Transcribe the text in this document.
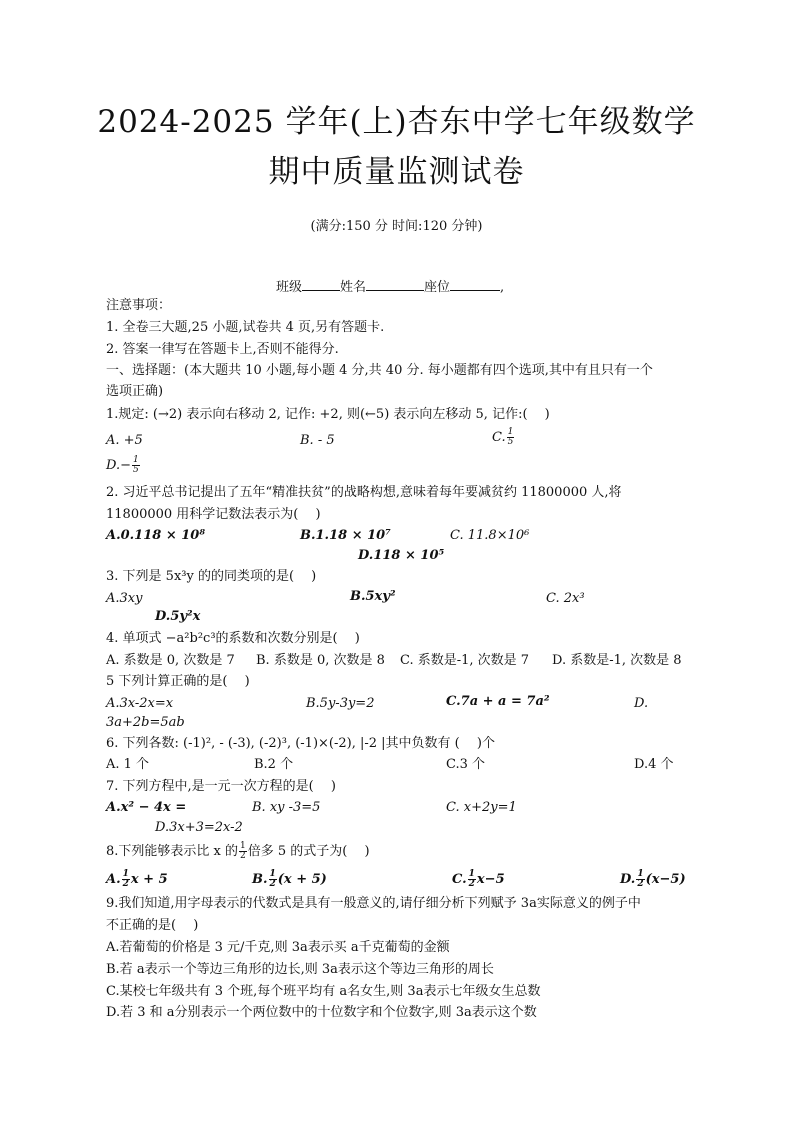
2024-2025 学年(上)杏东中学七年级数学
期中质量监测试卷
(满分:150 分 时间:120 分钟)
班级	姓名	座位	,
注意事项：
1. 全卷三大题,25 小题,试卷共 4 页,另有答题卡.
2. 答案一律写在答题卡上,否则不能得分.
一、选择题：(本大题共 10 小题,每小题 4 分,共 40 分. 每小题都有四个选项,其中有且只有一个
选项正确)
1.规定: (→2) 表示向右移动 2, 记作: +2, 则(←5) 表示向左移动 5, 记作:(　 )
A. +5	B. - 5	C. $\frac{1}{5}$
$D.- \frac{1}{5}$
2. 习近平总书记提出了五年“精准扶贫”的战略构想,意味着每年要减贫约 11800000 人,将
11800000 用科学记数法表示为(　 )
A.0.118 × 10⁸	B.1.18 × 10⁷	C. 11.8×10⁶
D.118 × 10⁵
3. 下列是 5x³y 的的同类项的是(　 )
A.3xy	B.5xy²	C. 2x³
D.5y²x
4. 单项式 −a²b²c³的系数和次数分别是(　 )
A. 系数是 0, 次数是 7 B. 系数是 0, 次数是 8 C. 系数是-1, 次数是 7 D. 系数是-1, 次数是 8
5 下列计算正确的是(　 )
A.3x-2x=x	B.5y-3y=2	C.7a + a = 7a²	D.
3a+2b=5ab
6. 下列各数: (-1)², - (-3), (-2)³, (-1)×(-2), |-2 |其中负数有 (　 )个
A. 1 个	B.2 个	C.3 个	D.4 个
7. 下列方程中,是一元一次方程的是(　 )
A.x² − 4x =	B. xy -3=5	C. x+2y=1
D.3x+3=2x-2
8.下列能够表示比 x 的 $\frac{1}{2}$ 倍多 5 的式子为(　 )
A. $\frac{1}{2}$ x + 5	B. $\frac{1}{2} (x + 5)$	C. $\frac{1}{2} x-5$	D. $\frac{1}{2} (x-5)$
9.我们知道,用字母表示的代数式是具有一般意义的,请仔细分析下列赋予 3a实际意义的例子中
不正确的是(　 )
A.若葡萄的价格是 3 元/千克,则 3a表示买 a千克葡萄的金额
B.若 a表示一个等边三角形的边长,则 3a表示这个等边三角形的周长
C.某校七年级共有 3 个班,每个班平均有 a名女生,则 3a表示七年级女生总数
D.若 3 和 a分别表示一个两位数中的十位数字和个位数字,则 3a表示这个数
